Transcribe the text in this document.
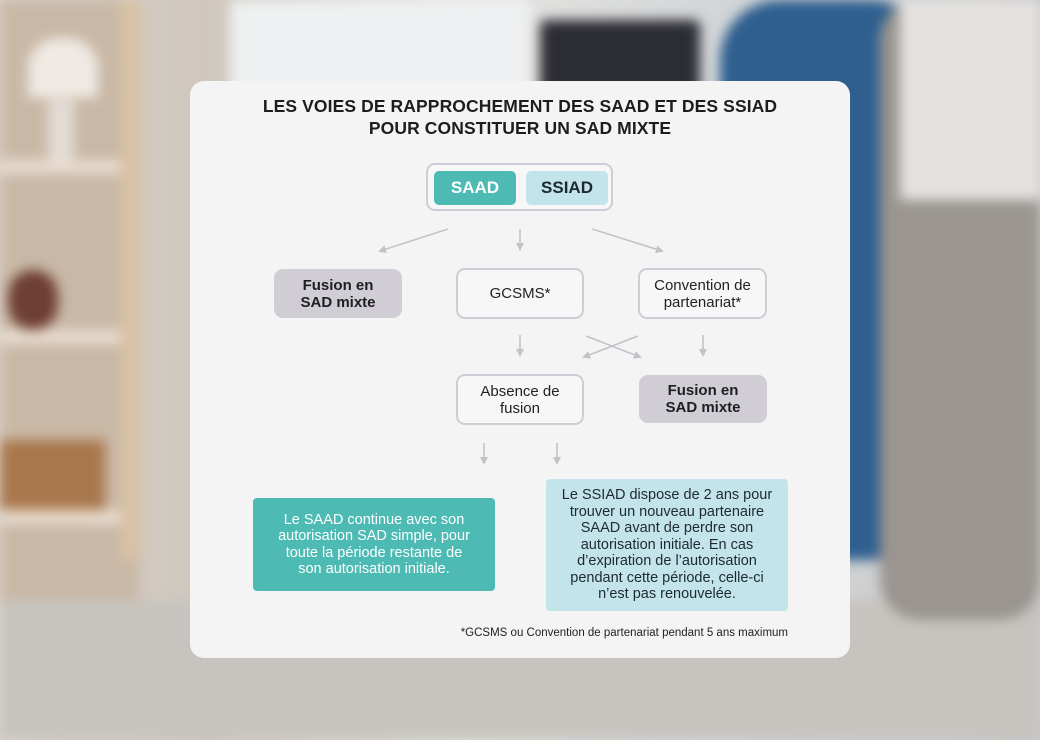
LES VOIES DE RAPPROCHEMENT DES SAAD ET DES SSIAD
POUR CONSTITUER UN SAD MIXTE
SAAD	SSIAD
Fusion en
SAD mixte	GCSMS*	Convention de
partenariat*
Absence de
fusion
Fusion en
SAD mixte
Le SAAD continue avec son
autorisation SAD simple, pour
toute la période restante de
son autorisation initiale.
Le SSIAD dispose de 2 ans pour
trouver un nouveau partenaire
SAAD avant de perdre son
autorisation initiale. En cas
d’expiration de l’autorisation
pendant cette période, celle-ci
n’est pas renouvelée.
*GCSMS ou Convention de partenariat pendant 5 ans maximum
